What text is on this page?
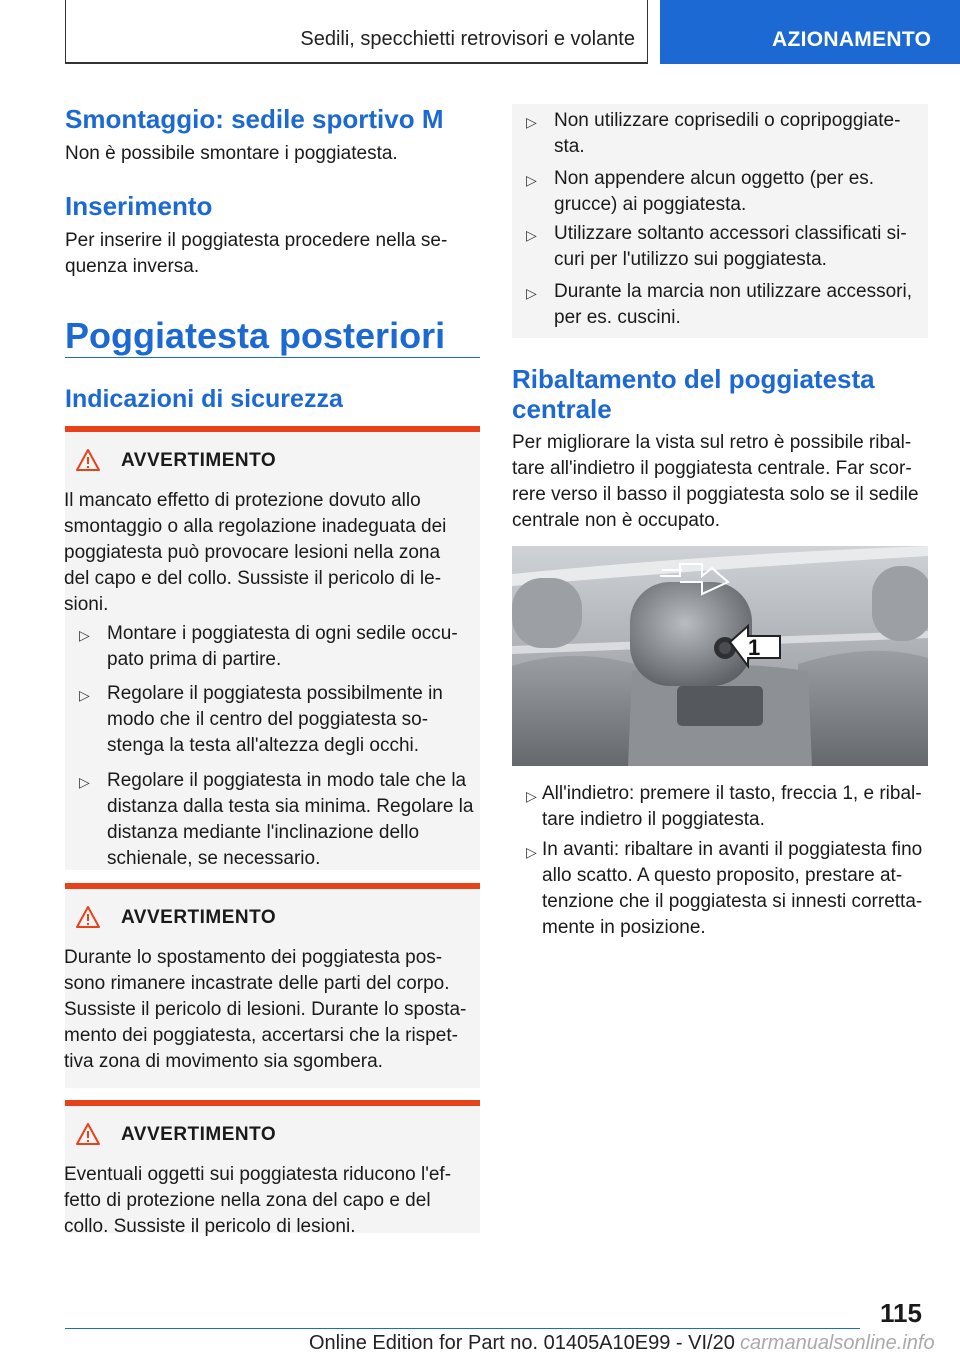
Sedili, specchietti retrovisori e volante	AZIONAMENTO
Smontaggio: sedile sportivo M

Non è possibile smontare i poggiatesta.

Inserimento

Per inserire il poggiatesta procedere nella se‐

quenza inversa.

Poggiatesta posteriori
Indicazioni di sicurezza
AVVERTIMENTO
Il mancato effetto di protezione dovuto allo
smontaggio o alla regolazione inadeguata dei
poggiatesta può provocare lesioni nella zona
del capo e del collo. Sussiste il pericolo di le‐
sioni.
▷ Montare i poggiatesta di ogni sedile occu‐
pato prima di partire.
▷ Regolare il poggiatesta possibilmente in
modo che il centro del poggiatesta so‐
stenga la testa all'altezza degli occhi.
▷ Regolare il poggiatesta in modo tale che la
distanza dalla testa sia minima. Regolare la
distanza mediante l'inclinazione dello
schienale, se necessario.
AVVERTIMENTO
Durante lo spostamento dei poggiatesta pos‐
sono rimanere incastrate delle parti del corpo.
Sussiste il pericolo di lesioni. Durante lo sposta‐
mento dei poggiatesta, accertarsi che la rispet‐
tiva zona di movimento sia sgombera.
AVVERTIMENTO
Eventuali oggetti sui poggiatesta riducono l'ef‐
fetto di protezione nella zona del capo e del
collo. Sussiste il pericolo di lesioni.
▷ Non utilizzare coprisedili o copripoggiate‐
sta.
▷ Non appendere alcun oggetto (per es.
grucce) ai poggiatesta.
▷ Utilizzare soltanto accessori classificati si‐
curi per l'utilizzo sui poggiatesta.
▷ Durante la marcia non utilizzare accessori,
per es. cuscini.
Ribaltamento del poggiatesta
centrale
Per migliorare la vista sul retro è possibile ribal‐
tare all'indietro il poggiatesta centrale. Far scor‐
rere verso il basso il poggiatesta solo se il sedile
centrale non è occupato.
1
▷ All'indietro: premere il tasto, freccia 1, e ribal‐
tare indietro il poggiatesta.
▷ In avanti: ribaltare in avanti il poggiatesta fino
allo scatto. A questo proposito, prestare at‐
tenzione che il poggiatesta si innesti corretta‐
mente in posizione.
115
Online Edition for Part no. 01405A10E99 - VI/20 carmanualsonline.info
